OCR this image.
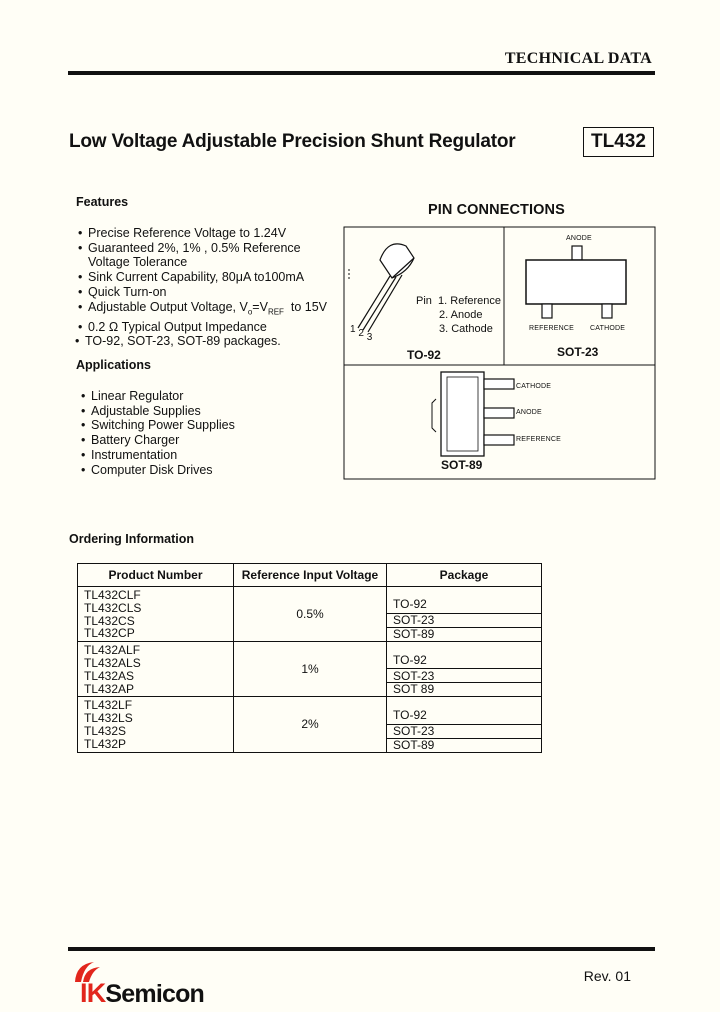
TECHNICAL DATA
Low Voltage Adjustable Precision Shunt Regulator	TL432
Features
• Precise Reference Voltage to 1.24V
• Guaranteed 2%, 1% , 0.5% Reference
Voltage Tolerance
• Sink Current Capability, 80μA to100mA
• Quick Turn-on
• Adjustable Output Voltage, $V_o=V_{REF}$  to 15V
• 0.2 Ω Typical Output Impedance
• TO-92, SOT-23, SOT-89 packages.
Applications
• Linear Regulator
• Adjustable Supplies
• Switching Power Supplies
• Battery Charger
• Instrumentation
• Computer Disk Drives
PIN CONNECTIONS
1 2 3
Pin 1. Reference
2. Anode
3. Cathode
TO-92
ANODE
REFERENCE CATHODE
SOT-23
CATHODE
ANODE
REFERENCE
SOT-89
Ordering Information
Product Number	Reference Input Voltage	Package

TL432CLF
TL432CLS
TL432CS
TL432CP	0.5%	TO-92
		SOT-23
		SOT-89

TL432ALF
TL432ALS
TL432AS
TL432AP	1%	TO-92
		SOT-23
		SOT 89

TL432LF
TL432LS
TL432S
TL432P	2%	TO-92
		SOT-23
		SOT-89
IKSemicon
Rev. 01
